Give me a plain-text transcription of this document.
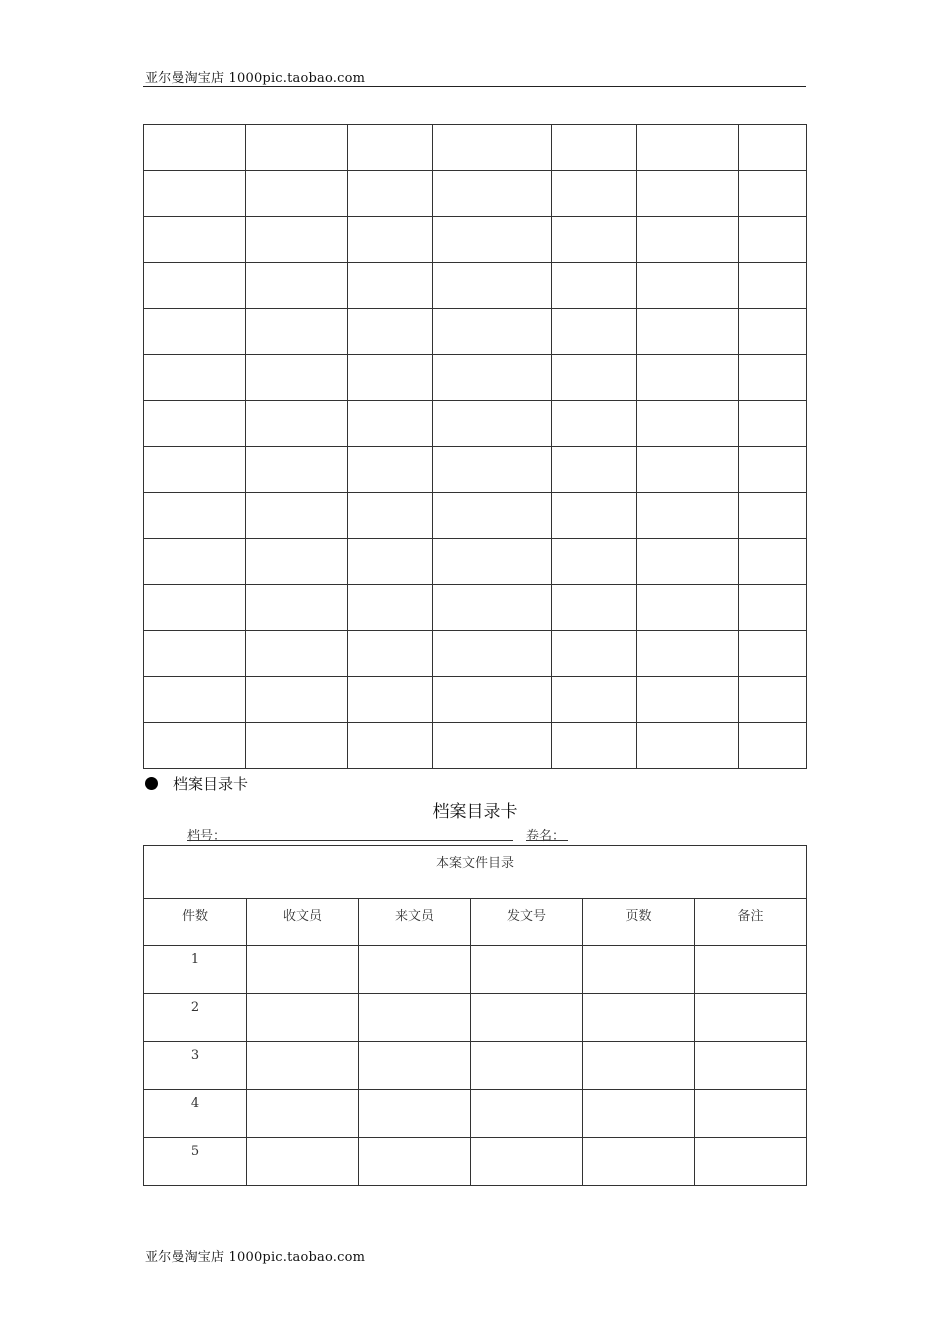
亚尔曼淘宝店 1000pic.taobao.com

档案目录卡
档案目录卡
档号：	卷名：
本案文件目录					
件数	收文员	来文员	发文号	页数	备注
1					
2					
3					
4					
5					
亚尔曼淘宝店 1000pic.taobao.com
